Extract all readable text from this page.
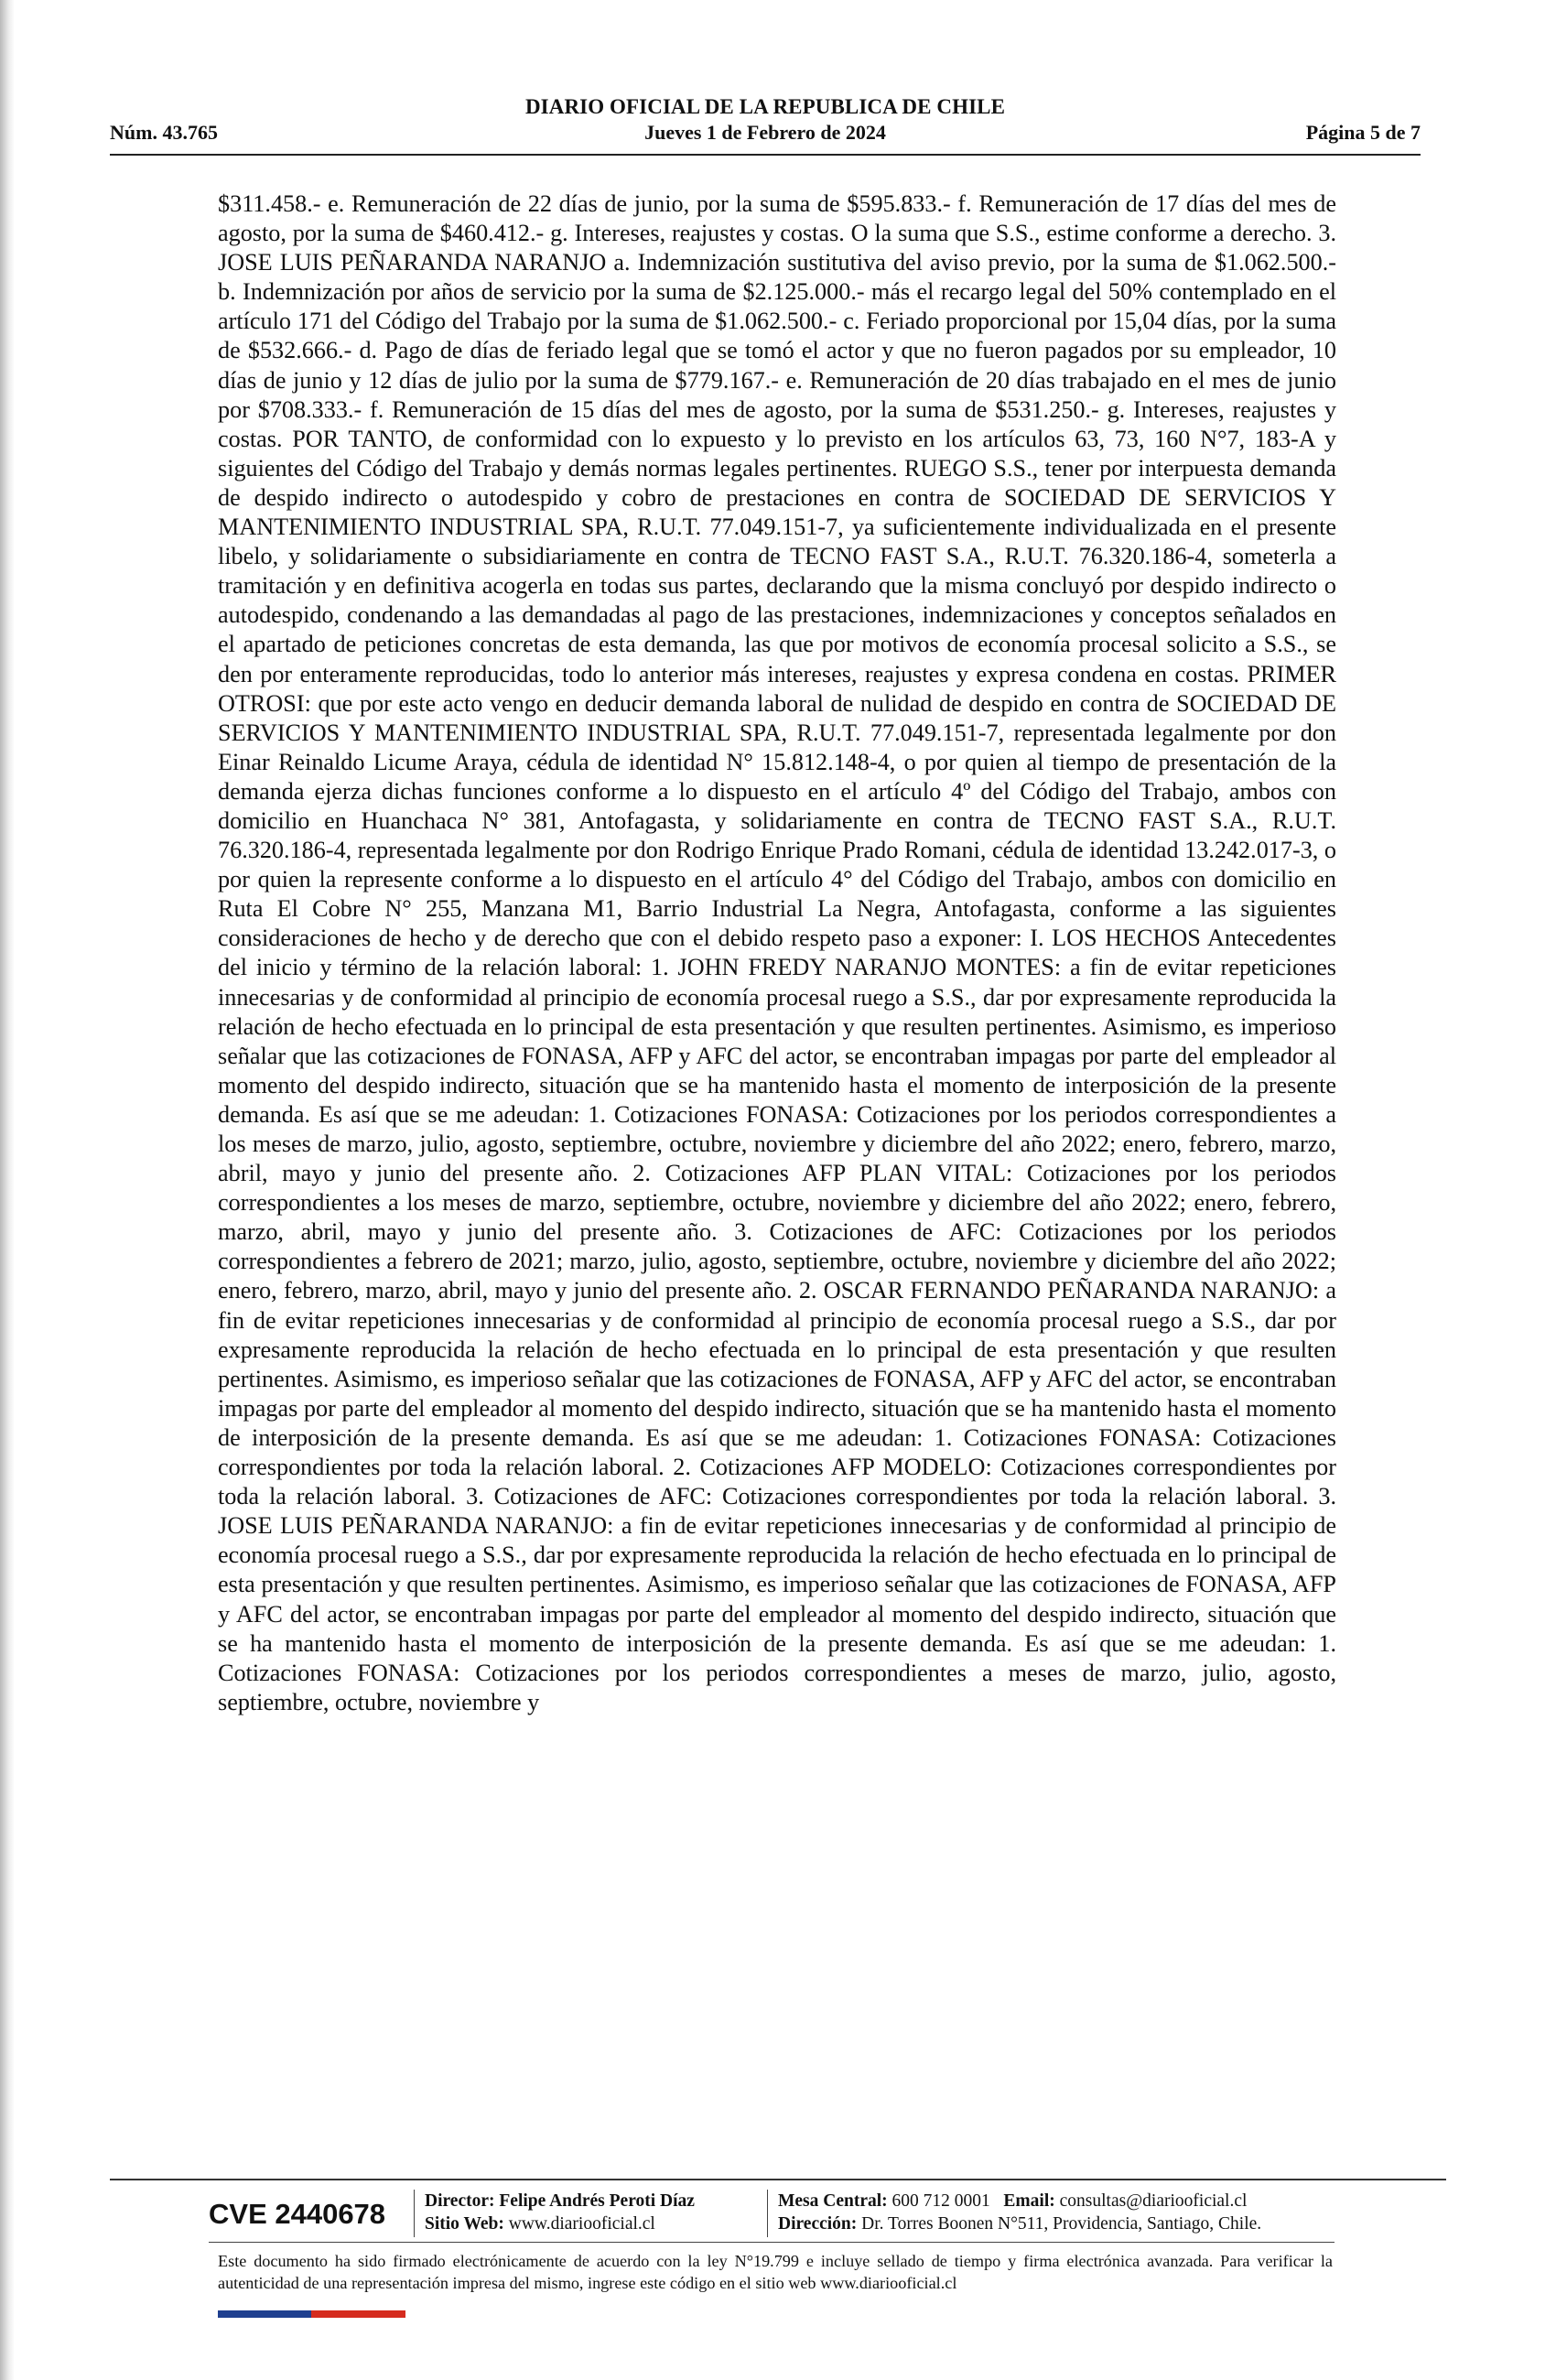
DIARIO OFICIAL DE LA REPUBLICA DE CHILE
Núm. 43.765	Jueves 1 de Febrero de 2024	Página 5 de 7

$311.458.- e. Remuneración de 22 días de junio, por la suma de $595.833.- f. Remuneración de 17 días del mes de agosto, por la suma de $460.412.- g. Intereses, reajustes y costas. O la suma que S.S., estime conforme a derecho. 3. JOSE LUIS PEÑARANDA NARANJO a. Indemnización sustitutiva del aviso previo, por la suma de $1.062.500.- b. Indemnización por años de servicio por la suma de $2.125.000.- más el recargo legal del 50% contemplado en el artículo 171 del Código del Trabajo por la suma de $1.062.500.- c. Feriado proporcional por 15,04 días, por la suma de $532.666.- d. Pago de días de feriado legal que se tomó el actor y que no fueron pagados por su empleador, 10 días de junio y 12 días de julio por la suma de $779.167.- e. Remuneración de 20 días trabajado en el mes de junio por $708.333.- f. Remuneración de 15 días del mes de agosto, por la suma de $531.250.- g. Intereses, reajustes y costas. POR TANTO, de conformidad con lo expuesto y lo previsto en los artículos 63, 73, 160 N°7, 183-A y siguientes del Código del Trabajo y demás normas legales pertinentes. RUEGO S.S., tener por interpuesta demanda de despido indirecto o autodespido y cobro de prestaciones en contra de SOCIEDAD DE SERVICIOS Y MANTENIMIENTO INDUSTRIAL SPA, R.U.T. 77.049.151-7, ya suficientemente individualizada en el presente libelo, y solidariamente o subsidiariamente en contra de TECNO FAST S.A., R.U.T. 76.320.186-4, someterla a tramitación y en definitiva acogerla en todas sus partes, declarando que la misma concluyó por despido indirecto o autodespido, condenando a las demandadas al pago de las prestaciones, indemnizaciones y conceptos señalados en el apartado de peticiones concretas de esta demanda, las que por motivos de economía procesal solicito a S.S., se den por enteramente reproducidas, todo lo anterior más intereses, reajustes y expresa condena en costas. PRIMER OTROSI: que por este acto vengo en deducir demanda laboral de nulidad de despido en contra de SOCIEDAD DE SERVICIOS Y MANTENIMIENTO INDUSTRIAL SPA, R.U.T. 77.049.151-7, representada legalmente por don Einar Reinaldo Licume Araya, cédula de identidad N° 15.812.148-4, o por quien al tiempo de presentación de la demanda ejerza dichas funciones conforme a lo dispuesto en el artículo 4º del Código del Trabajo, ambos con domicilio en Huanchaca N° 381, Antofagasta, y solidariamente en contra de TECNO FAST S.A., R.U.T. 76.320.186-4, representada legalmente por don Rodrigo Enrique Prado Romani, cédula de identidad 13.242.017-3, o por quien la represente conforme a lo dispuesto en el artículo 4° del Código del Trabajo, ambos con domicilio en Ruta El Cobre N° 255, Manzana M1, Barrio Industrial La Negra, Antofagasta, conforme a las siguientes consideraciones de hecho y de derecho que con el debido respeto paso a exponer: I. LOS HECHOS Antecedentes del inicio y término de la relación laboral: 1. JOHN FREDY NARANJO MONTES: a fin de evitar repeticiones innecesarias y de conformidad al principio de economía procesal ruego a S.S., dar por expresamente reproducida la relación de hecho efectuada en lo principal de esta presentación y que resulten pertinentes. Asimismo, es imperioso señalar que las cotizaciones de FONASA, AFP y AFC del actor, se encontraban impagas por parte del empleador al momento del despido indirecto, situación que se ha mantenido hasta el momento de interposición de la presente demanda. Es así que se me adeudan: 1. Cotizaciones FONASA: Cotizaciones por los periodos correspondientes a los meses de marzo, julio, agosto, septiembre, octubre, noviembre y diciembre del año 2022; enero, febrero, marzo, abril, mayo y junio del presente año. 2. Cotizaciones AFP PLAN VITAL: Cotizaciones por los periodos correspondientes a los meses de marzo, septiembre, octubre, noviembre y diciembre del año 2022; enero, febrero, marzo, abril, mayo y junio del presente año. 3. Cotizaciones de AFC: Cotizaciones por los periodos correspondientes a febrero de 2021; marzo, julio, agosto, septiembre, octubre, noviembre y diciembre del año 2022; enero, febrero, marzo, abril, mayo y junio del presente año. 2. OSCAR FERNANDO PEÑARANDA NARANJO: a fin de evitar repeticiones innecesarias y de conformidad al principio de economía procesal ruego a S.S., dar por expresamente reproducida la relación de hecho efectuada en lo principal de esta presentación y que resulten pertinentes. Asimismo, es imperioso señalar que las cotizaciones de FONASA, AFP y AFC del actor, se encontraban impagas por parte del empleador al momento del despido indirecto, situación que se ha mantenido hasta el momento de interposición de la presente demanda. Es así que se me adeudan: 1. Cotizaciones FONASA: Cotizaciones correspondientes por toda la relación laboral. 2. Cotizaciones AFP MODELO: Cotizaciones correspondientes por toda la relación laboral. 3. Cotizaciones de AFC: Cotizaciones correspondientes por toda la relación laboral. 3. JOSE LUIS PEÑARANDA NARANJO: a fin de evitar repeticiones innecesarias y de conformidad al principio de economía procesal ruego a S.S., dar por expresamente reproducida la relación de hecho efectuada en lo principal de esta presentación y que resulten pertinentes. Asimismo, es imperioso señalar que las cotizaciones de FONASA, AFP y AFC del actor, se encontraban impagas por parte del empleador al momento del despido indirecto, situación que se ha mantenido hasta el momento de interposición de la presente demanda. Es así que se me adeudan: 1. Cotizaciones FONASA: Cotizaciones por los periodos correspondientes a meses de marzo, julio, agosto, septiembre, octubre, noviembre y

CVE 2440678	Director: Felipe Andrés Peroti Díaz
Sitio Web: www.diariooficial.cl
Mesa Central: 600 712 0001 Email: consultas@diariooficial.cl
Dirección: Dr. Torres Boonen N°511, Providencia, Santiago, Chile.

Este documento ha sido firmado electrónicamente de acuerdo con la ley N°19.799 e incluye sellado de tiempo y firma electrónica avanzada. Para verificar la autenticidad de una representación impresa del mismo, ingrese este código en el sitio web www.diariooficial.cl
